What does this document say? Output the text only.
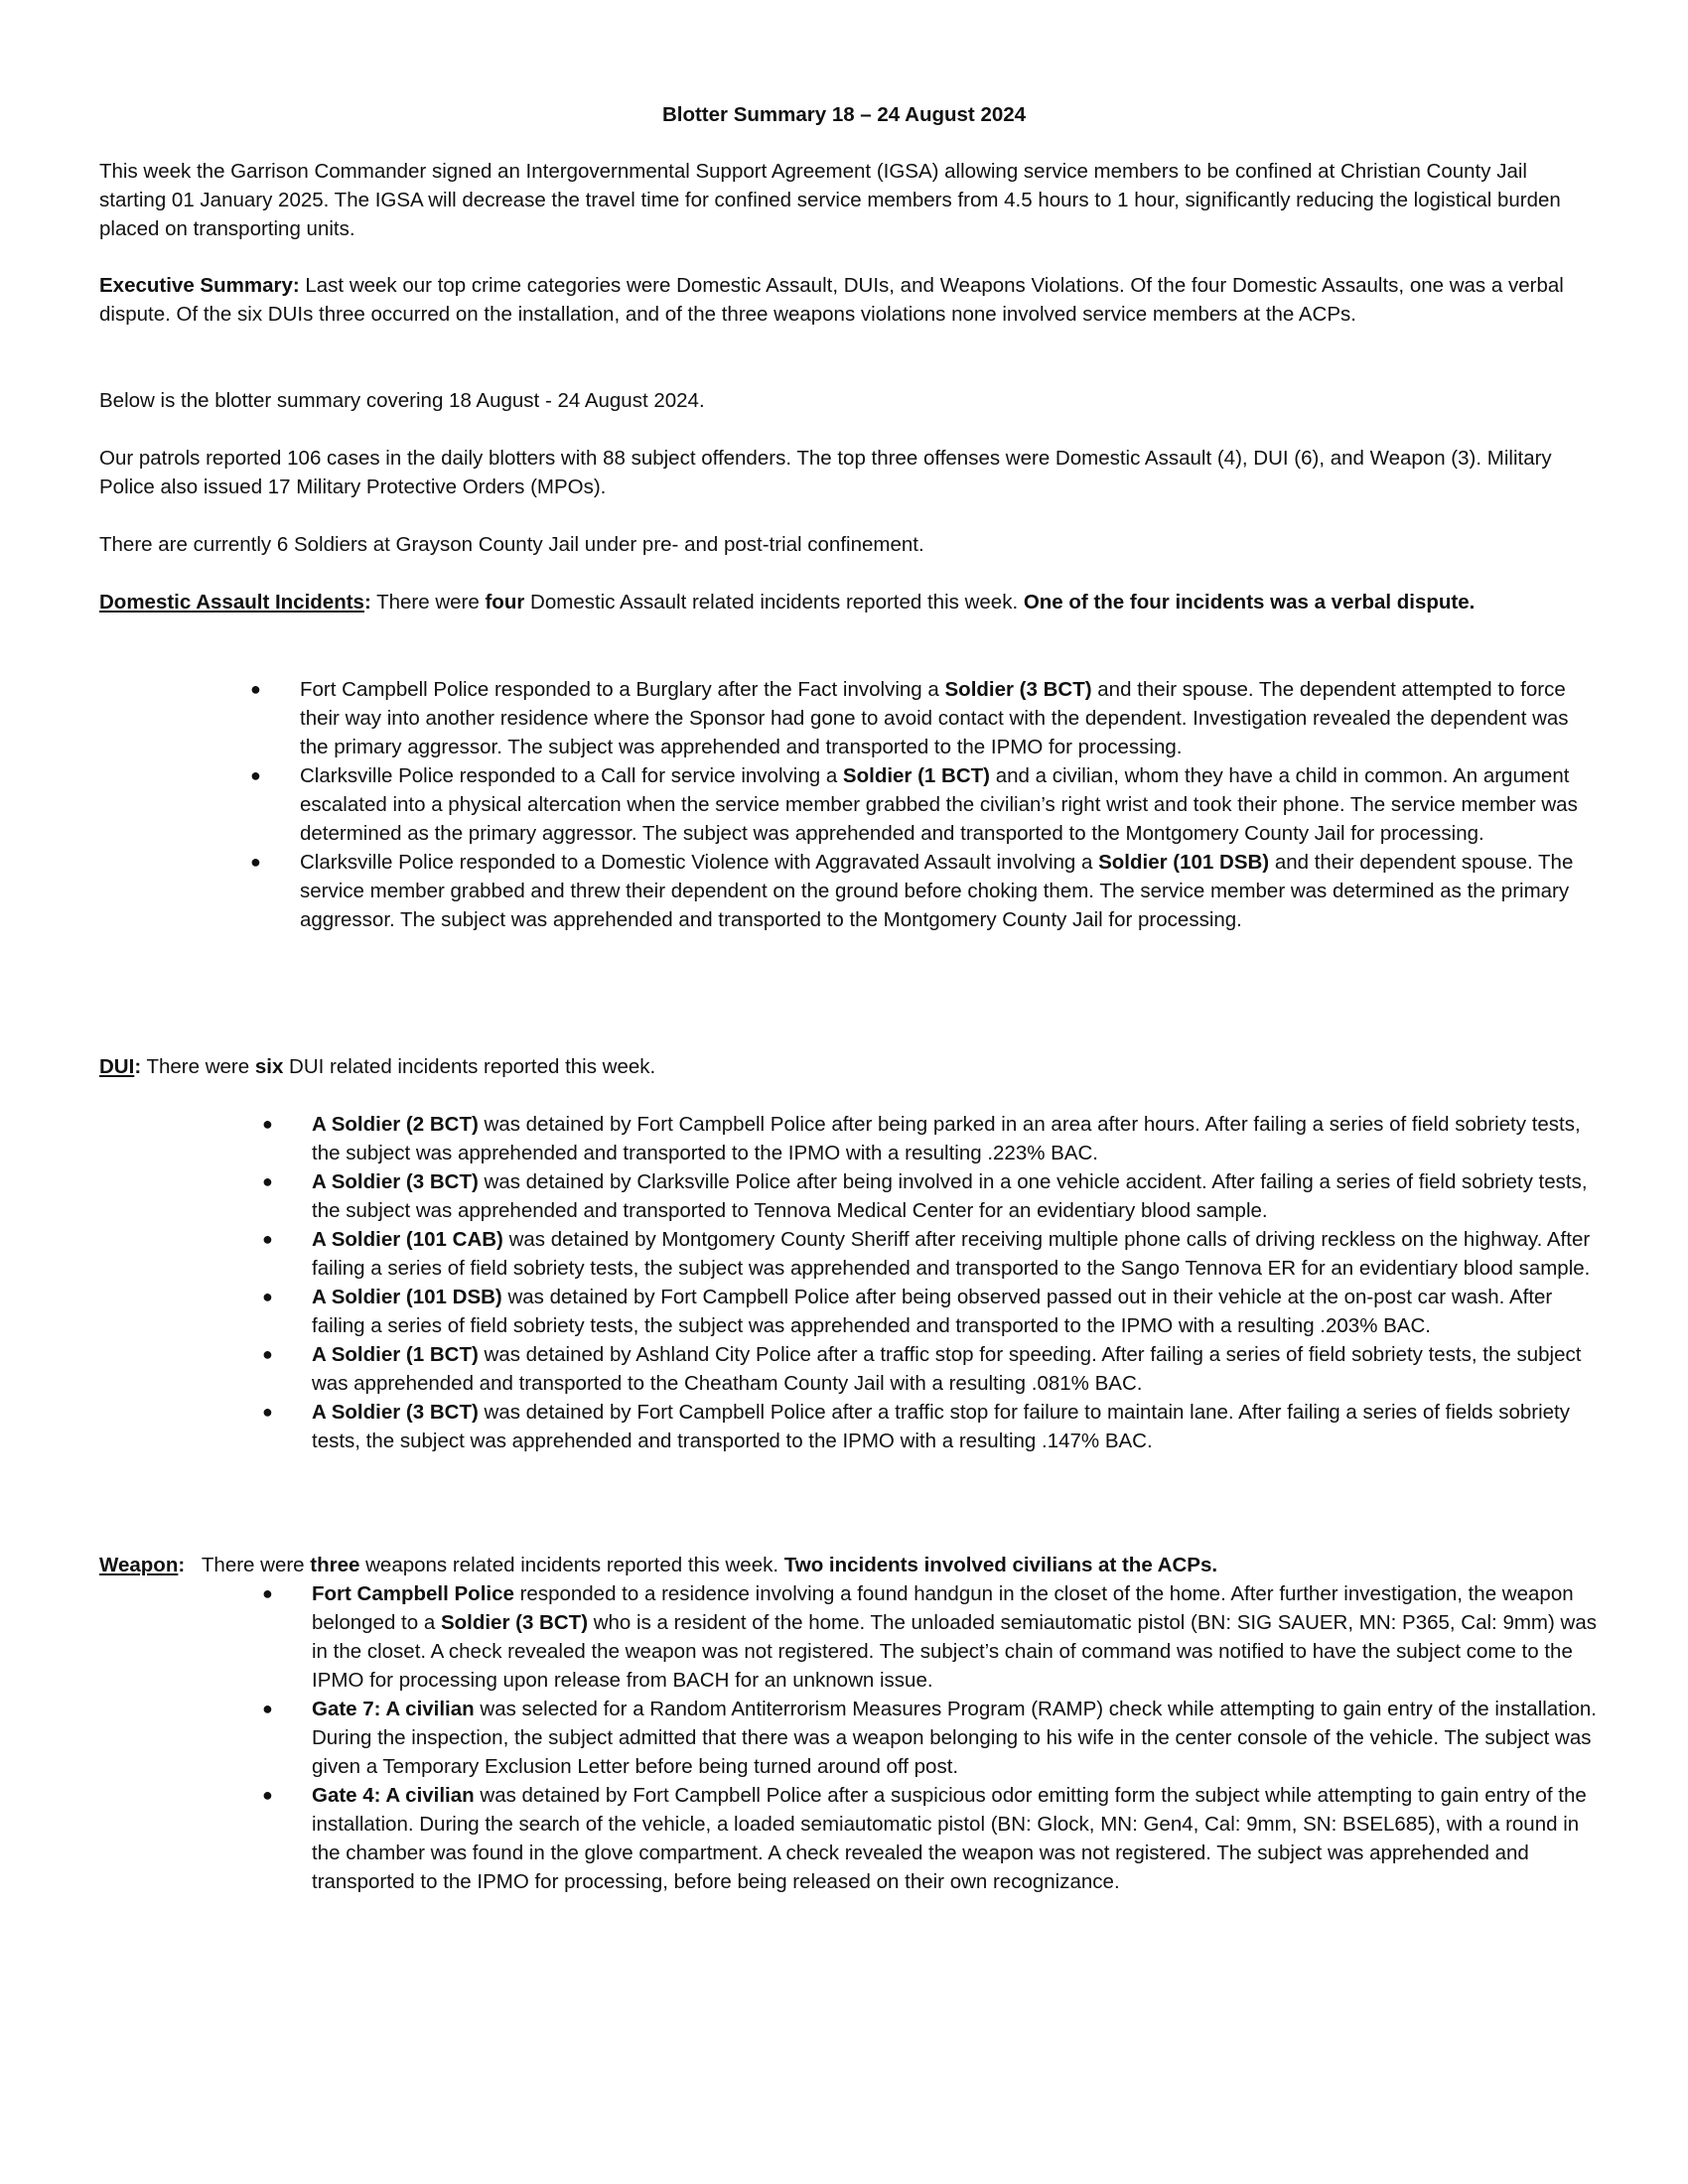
Blotter Summary 18 – 24 August 2024

This week the Garrison Commander signed an Intergovernmental Support Agreement (IGSA) allowing service members to be confined at Christian County Jail starting 01 January 2025. The IGSA will decrease the travel time for confined service members from 4.5 hours to 1 hour, significantly reducing the logistical burden placed on transporting units.

Executive Summary: Last week our top crime categories were Domestic Assault, DUIs, and Weapons Violations. Of the four Domestic Assaults, one was a verbal dispute. Of the six DUIs three occurred on the installation, and of the three weapons violations none involved service members at the ACPs.

Below is the blotter summary covering 18 August - 24 August 2024.

Our patrols reported 106 cases in the daily blotters with 88 subject offenders. The top three offenses were Domestic Assault (4), DUI (6), and Weapon (3). Military Police also issued 17 Military Protective Orders (MPOs).

There are currently 6 Soldiers at Grayson County Jail under pre- and post-trial confinement.

Domestic Assault Incidents: There were four Domestic Assault related incidents reported this week. One of the four incidents was a verbal dispute.

● Fort Campbell Police responded to a Burglary after the Fact involving a Soldier (3 BCT) and their spouse. The dependent attempted to force their way into another residence where the Sponsor had gone to avoid contact with the dependent. Investigation revealed the dependent was the primary aggressor. The subject was apprehended and transported to the IPMO for processing.
● Clarksville Police responded to a Call for service involving a Soldier (1 BCT) and a civilian, whom they have a child in common. An argument escalated into a physical altercation when the service member grabbed the civilian’s right wrist and took their phone. The service member was determined as the primary aggressor. The subject was apprehended and transported to the Montgomery County Jail for processing.
● Clarksville Police responded to a Domestic Violence with Aggravated Assault involving a Soldier (101 DSB) and their dependent spouse. The service member grabbed and threw their dependent on the ground before choking them. The service member was determined as the primary aggressor. The subject was apprehended and transported to the Montgomery County Jail for processing.

DUI: There were six DUI related incidents reported this week.

● A Soldier (2 BCT) was detained by Fort Campbell Police after being parked in an area after hours. After failing a series of field sobriety tests, the subject was apprehended and transported to the IPMO with a resulting .223% BAC.
● A Soldier (3 BCT) was detained by Clarksville Police after being involved in a one vehicle accident. After failing a series of field sobriety tests, the subject was apprehended and transported to Tennova Medical Center for an evidentiary blood sample.
● A Soldier (101 CAB) was detained by Montgomery County Sheriff after receiving multiple phone calls of driving reckless on the highway. After failing a series of field sobriety tests, the subject was apprehended and transported to the Sango Tennova ER for an evidentiary blood sample.
● A Soldier (101 DSB) was detained by Fort Campbell Police after being observed passed out in their vehicle at the on-post car wash. After failing a series of field sobriety tests, the subject was apprehended and transported to the IPMO with a resulting .203% BAC.
● A Soldier (1 BCT) was detained by Ashland City Police after a traffic stop for speeding. After failing a series of field sobriety tests, the subject was apprehended and transported to the Cheatham County Jail with a resulting .081% BAC.
● A Soldier (3 BCT) was detained by Fort Campbell Police after a traffic stop for failure to maintain lane. After failing a series of fields sobriety tests, the subject was apprehended and transported to the IPMO with a resulting .147% BAC.

Weapon:   There were three weapons related incidents reported this week. Two incidents involved civilians at the ACPs.

● Fort Campbell Police responded to a residence involving a found handgun in the closet of the home. After further investigation, the weapon belonged to a Soldier (3 BCT) who is a resident of the home. The unloaded semiautomatic pistol (BN: SIG SAUER, MN: P365, Cal: 9mm) was in the closet. A check revealed the weapon was not registered. The subject’s chain of command was notified to have the subject come to the IPMO for processing upon release from BACH for an unknown issue.
● Gate 7: A civilian was selected for a Random Antiterrorism Measures Program (RAMP) check while attempting to gain entry of the installation. During the inspection, the subject admitted that there was a weapon belonging to his wife in the center console of the vehicle. The subject was given a Temporary Exclusion Letter before being turned around off post.
● Gate 4: A civilian was detained by Fort Campbell Police after a suspicious odor emitting form the subject while attempting to gain entry of the installation. During the search of the vehicle, a loaded semiautomatic pistol (BN: Glock, MN: Gen4, Cal: 9mm, SN: BSEL685), with a round in the chamber was found in the glove compartment. A check revealed the weapon was not registered. The subject was apprehended and transported to the IPMO for processing, before being released on their own recognizance.
